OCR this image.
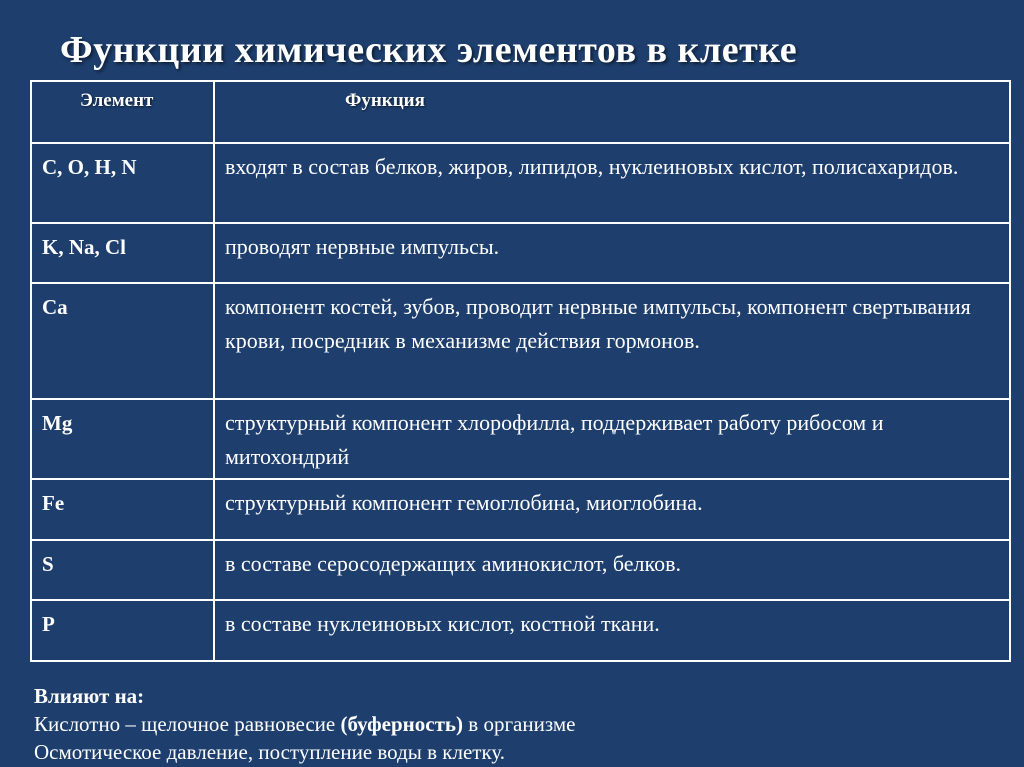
Функции химических элементов в клетке
Элемент	Функция

C, O, H, N	входят в состав белков, жиров, липидов, нуклеиновых кислот, полисахаридов.

K, Na, Cl	проводят нервные импульсы.

Ca	компонент костей, зубов, проводит нервные импульсы, компонент свертывания крови, посредник в механизме действия гормонов.

Mg	структурный компонент хлорофилла, поддерживает работу рибосом и митохондрий

Fe	структурный компонент гемоглобина, миоглобина.

S	в составе серосодержащих аминокислот, белков.

P	в составе нуклеиновых кислот, костной ткани.
Влияют на:
Кислотно – щелочное равновесие (буферность) в организме
Осмотическое давление, поступление воды в клетку.
